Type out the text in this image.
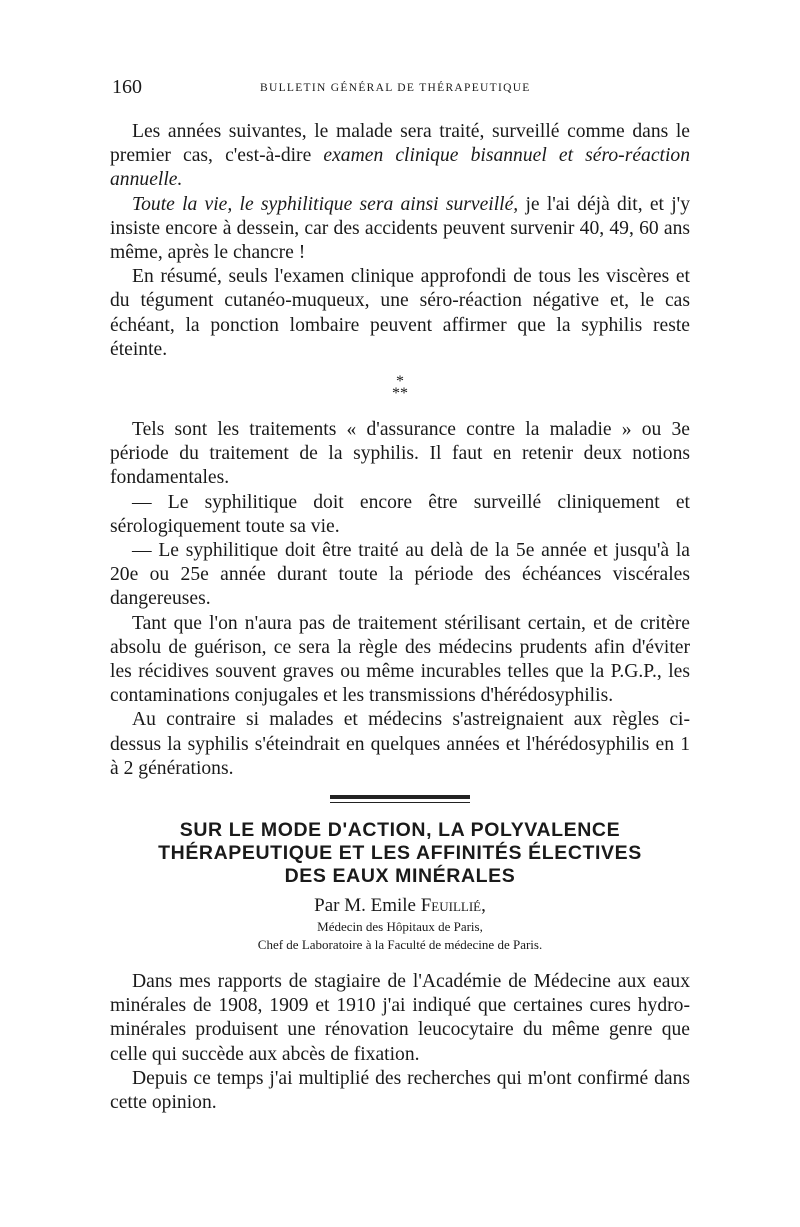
160	BULLETIN GÉNÉRAL DE THÉRAPEUTIQUE

Les années suivantes, le malade sera traité, surveillé comme dans le premier cas, c'est-à-dire examen clinique bisannuel et séro-réaction annuelle.

Toute la vie, le syphilitique sera ainsi surveillé, je l'ai déjà dit, et j'y insiste encore à dessein, car des accidents peuvent survenir 40, 49, 60 ans même, après le chancre !

En résumé, seuls l'examen clinique approfondi de tous les viscères et du tégument cutanéo-muqueux, une séro-réaction négative et, le cas échéant, la ponction lombaire peuvent affirmer que la syphilis reste éteinte.

*
**

Tels sont les traitements « d'assurance contre la maladie » ou 3e période du traitement de la syphilis. Il faut en retenir deux notions fondamentales.

— Le syphilitique doit encore être surveillé cliniquement et sérologiquement toute sa vie.

— Le syphilitique doit être traité au delà de la 5e année et jusqu'à la 20e ou 25e année durant toute la période des échéances viscérales dangereuses.

Tant que l'on n'aura pas de traitement stérilisant certain, et de critère absolu de guérison, ce sera la règle des médecins prudents afin d'éviter les récidives souvent graves ou même incurables telles que la P.G.P., les contaminations conjugales et les transmissions d'hérédosyphilis.

Au contraire si malades et médecins s'astreignaient aux règles ci-dessus la syphilis s'éteindrait en quelques années et l'hérédosyphilis en 1 à 2 générations.

SUR LE MODE D'ACTION, LA POLYVALENCE
THÉRAPEUTIQUE ET LES AFFINITÉS ÉLECTIVES
DES EAUX MINÉRALES
Par M. Emile Feuillié,
Médecin des Hôpitaux de Paris,
Chef de Laboratoire à la Faculté de médecine de Paris.

Dans mes rapports de stagiaire de l'Académie de Médecine aux eaux minérales de 1908, 1909 et 1910 j'ai indiqué que certaines cures hydro-minérales produisent une rénovation leucocytaire du même genre que celle qui succède aux abcès de fixation.

Depuis ce temps j'ai multiplié des recherches qui m'ont confirmé dans cette opinion.
